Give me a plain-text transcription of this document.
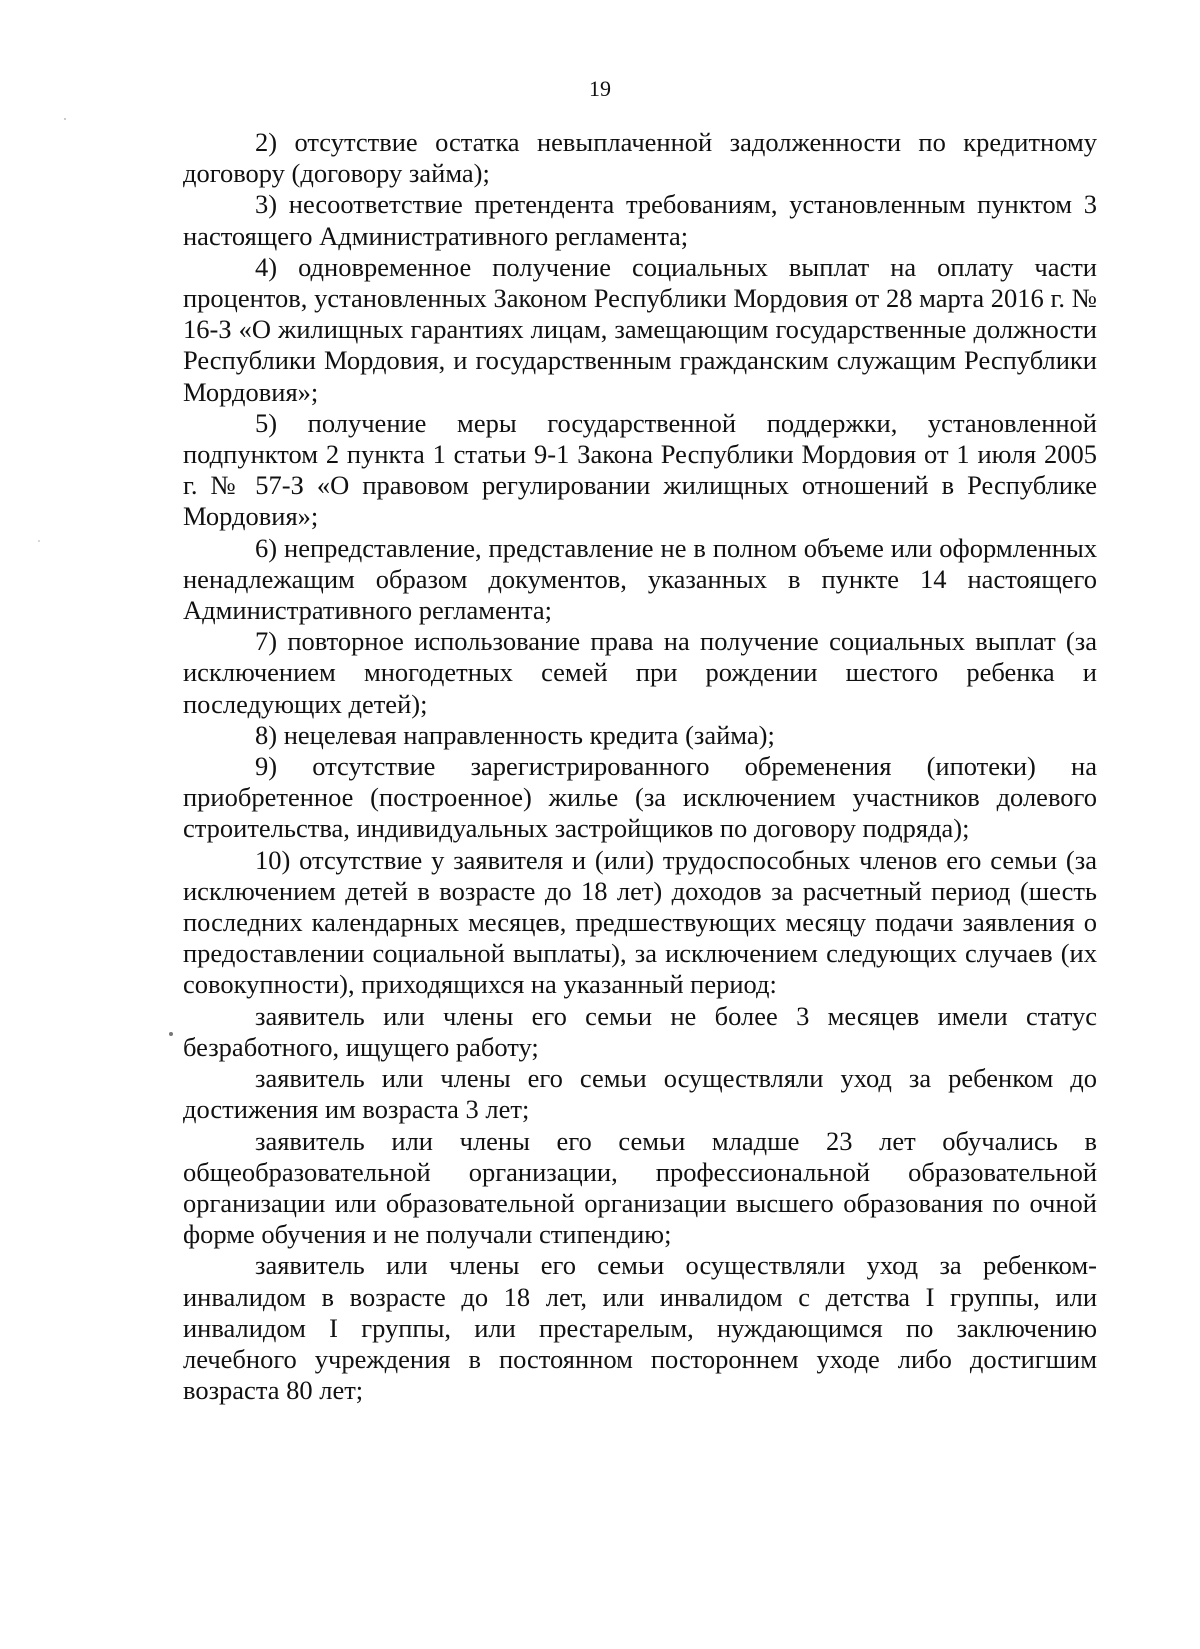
19

2) отсутствие остатка невыплаченной задолженности по кредитному договору (договору займа);

3) несоответствие претендента требованиям, установленным пунктом 3 настоящего Административного регламента;

4) одновременное получение социальных выплат на оплату части процентов, установленных Законом Республики Мордовия от 28 марта 2016 г. № 16-З «О жилищных гарантиях лицам, замещающим государственные должности Республики Мордовия, и государственным гражданским служащим Республики Мордовия»;

5) получение меры государственной поддержки, установленной подпунктом 2 пункта 1 статьи 9-1 Закона Республики Мордовия от 1 июля 2005 г. № 57-З «О правовом регулировании жилищных отношений в Республике Мордовия»;

6) непредставление, представление не в полном объеме или оформленных ненадлежащим образом документов, указанных в пункте 14 настоящего Административного регламента;

7) повторное использование права на получение социальных выплат (за исключением многодетных семей при рождении шестого ребенка и последующих детей);

8) нецелевая направленность кредита (займа);

9) отсутствие зарегистрированного обременения (ипотеки) на приобретенное (построенное) жилье (за исключением участников долевого строительства, индивидуальных застройщиков по договору подряда);

10) отсутствие у заявителя и (или) трудоспособных членов его семьи (за исключением детей в возрасте до 18 лет) доходов за расчетный период (шесть последних календарных месяцев, предшествующих месяцу подачи заявления о предоставлении социальной выплаты), за исключением следующих случаев (их совокупности), приходящихся на указанный период:

заявитель или члены его семьи не более 3 месяцев имели статус безработного, ищущего работу;

заявитель или члены его семьи осуществляли уход за ребенком до достижения им возраста 3 лет;

заявитель или члены его семьи младше 23 лет обучались в общеобразовательной организации, профессиональной образовательной организации или образовательной организации высшего образования по очной форме обучения и не получали стипендию;

заявитель или члены его семьи осуществляли уход за ребенком-инвалидом в возрасте до 18 лет, или инвалидом с детства I группы, или инвалидом I группы, или престарелым, нуждающимся по заключению лечебного учреждения в постоянном постороннем уходе либо достигшим возраста 80 лет;
